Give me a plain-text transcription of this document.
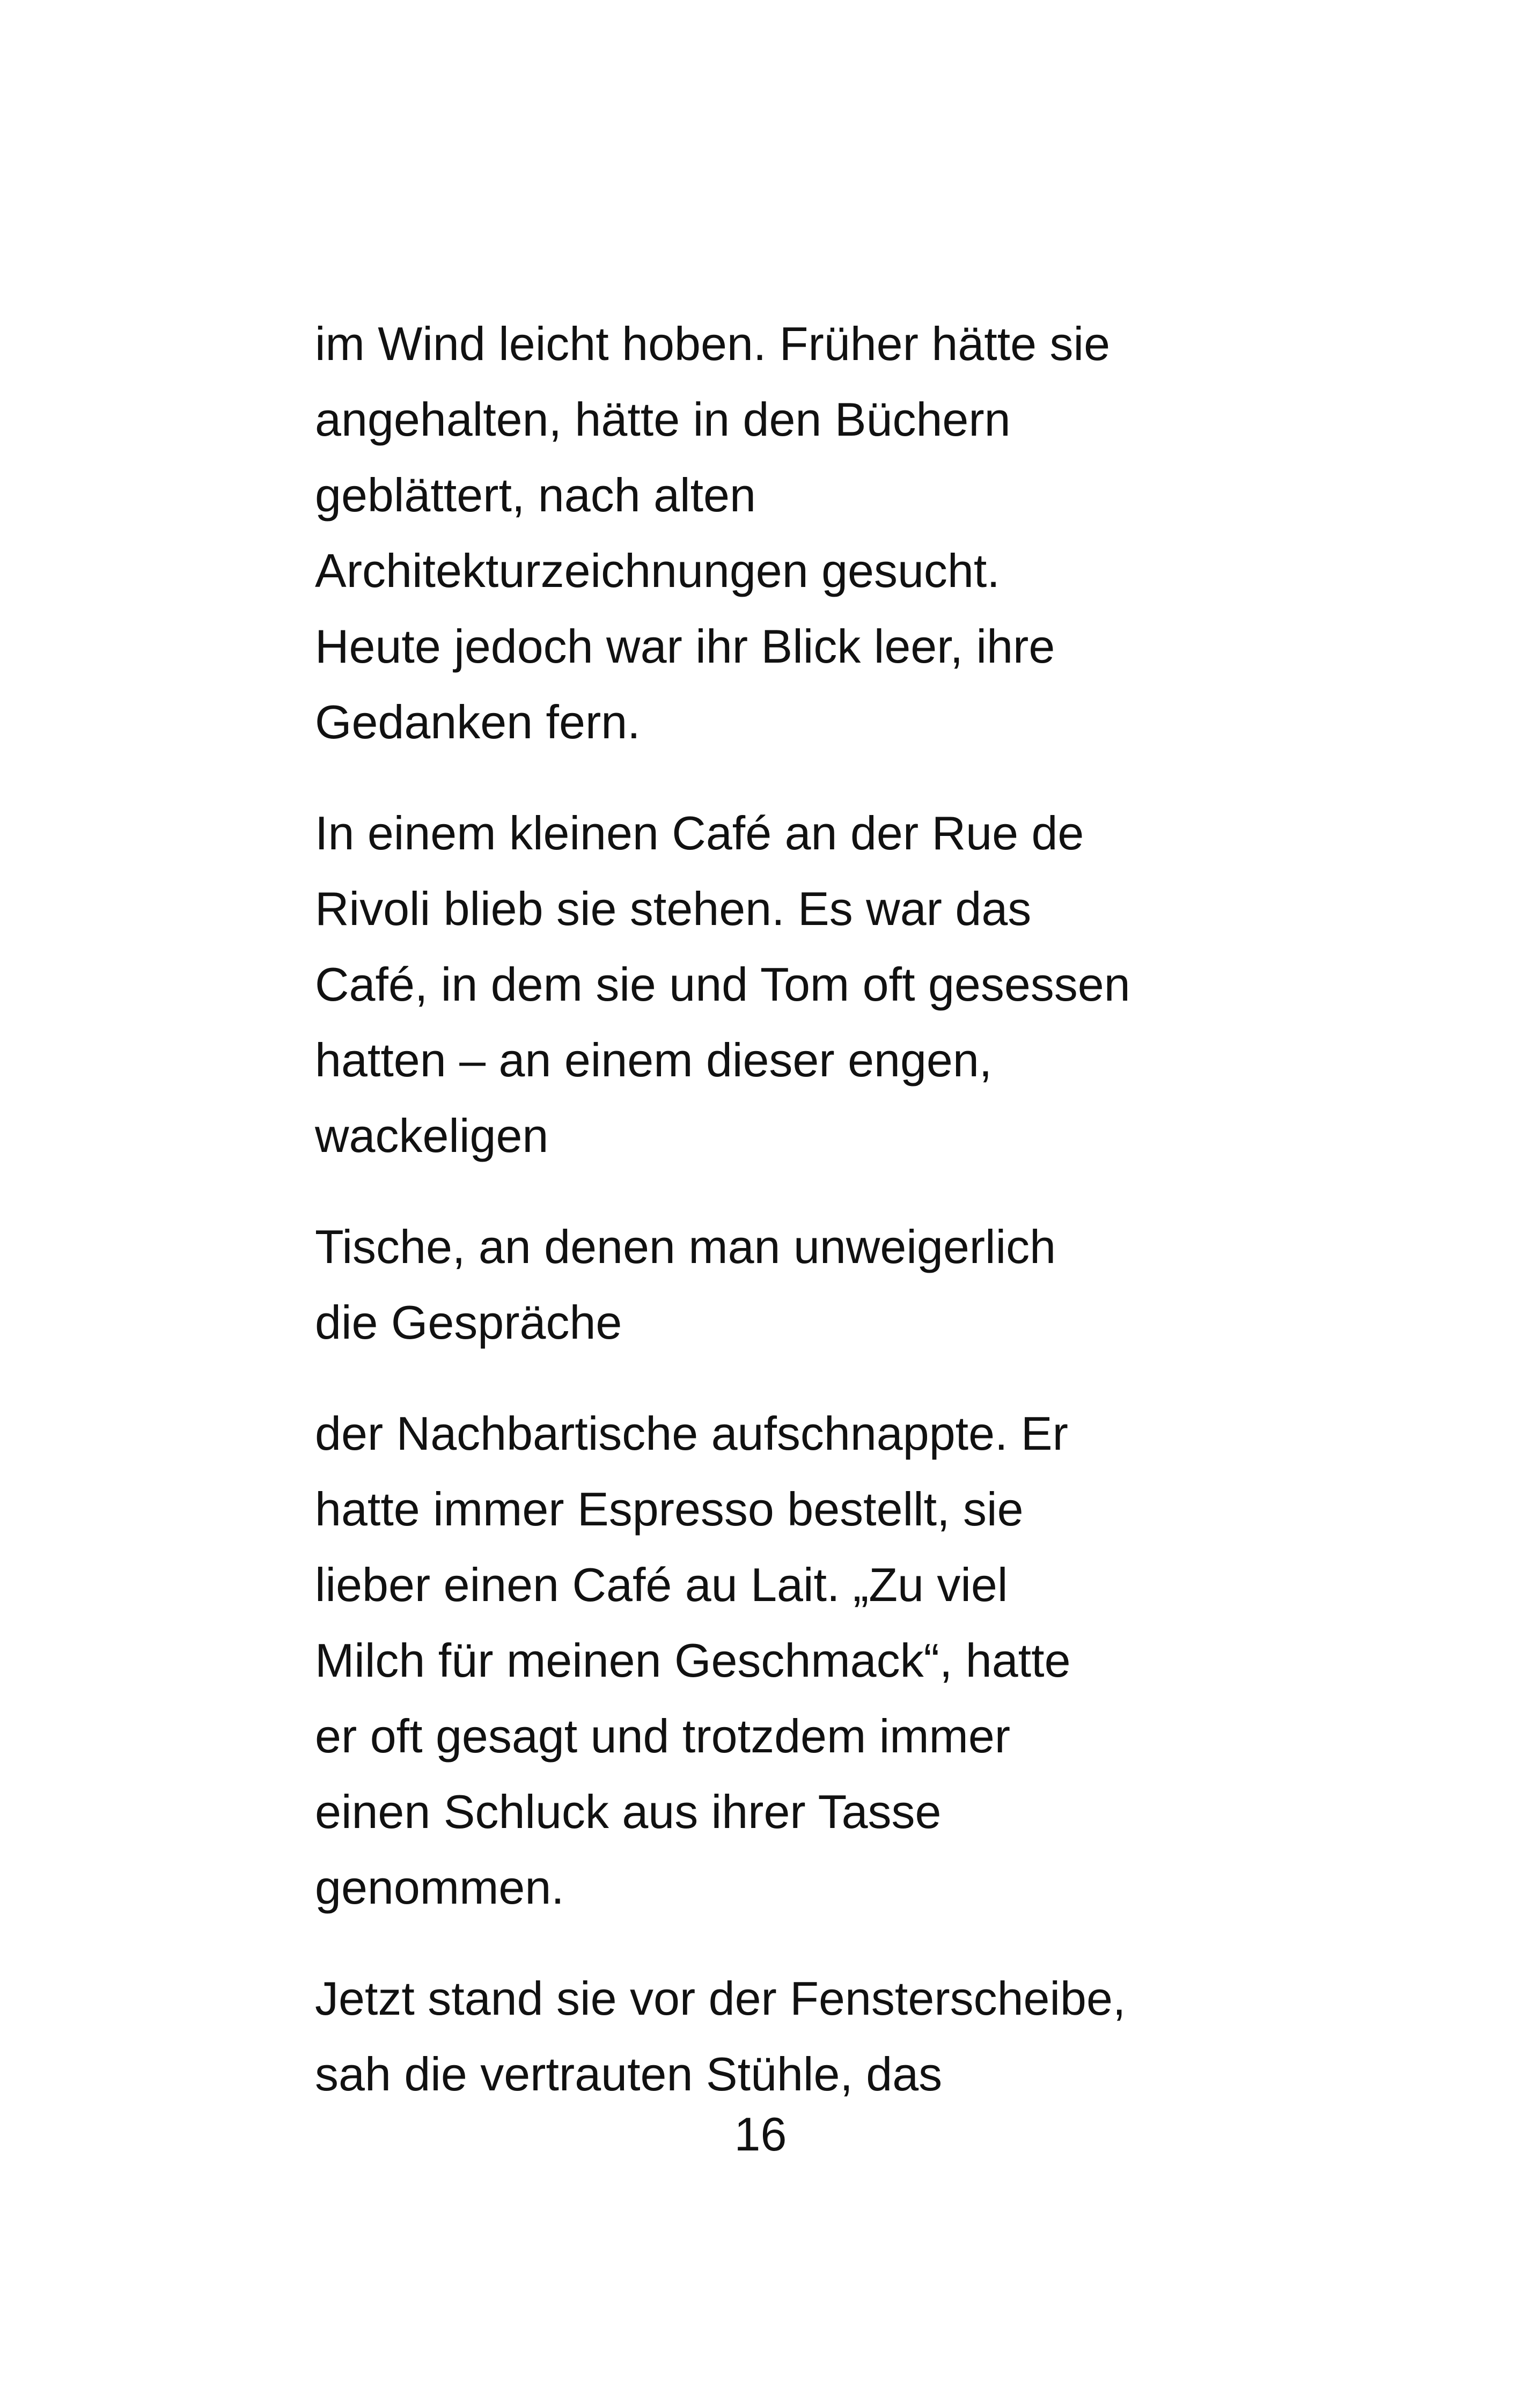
im Wind leicht hoben. Früher hätte sie
angehalten, hätte in den Büchern
geblättert, nach alten
Architekturzeichnungen gesucht.
Heute jedoch war ihr Blick leer, ihre
Gedanken fern.

In einem kleinen Café an der Rue de
Rivoli blieb sie stehen. Es war das
Café, in dem sie und Tom oft gesessen
hatten – an einem dieser engen,
wackeligen

Tische, an denen man unweigerlich
die Gespräche

der Nachbartische aufschnappte. Er
hatte immer Espresso bestellt, sie
lieber einen Café au Lait. „Zu viel
Milch für meinen Geschmack“, hatte
er oft gesagt und trotzdem immer
einen Schluck aus ihrer Tasse
genommen.

Jetzt stand sie vor der Fensterscheibe,
sah die vertrauten Stühle, das

16
